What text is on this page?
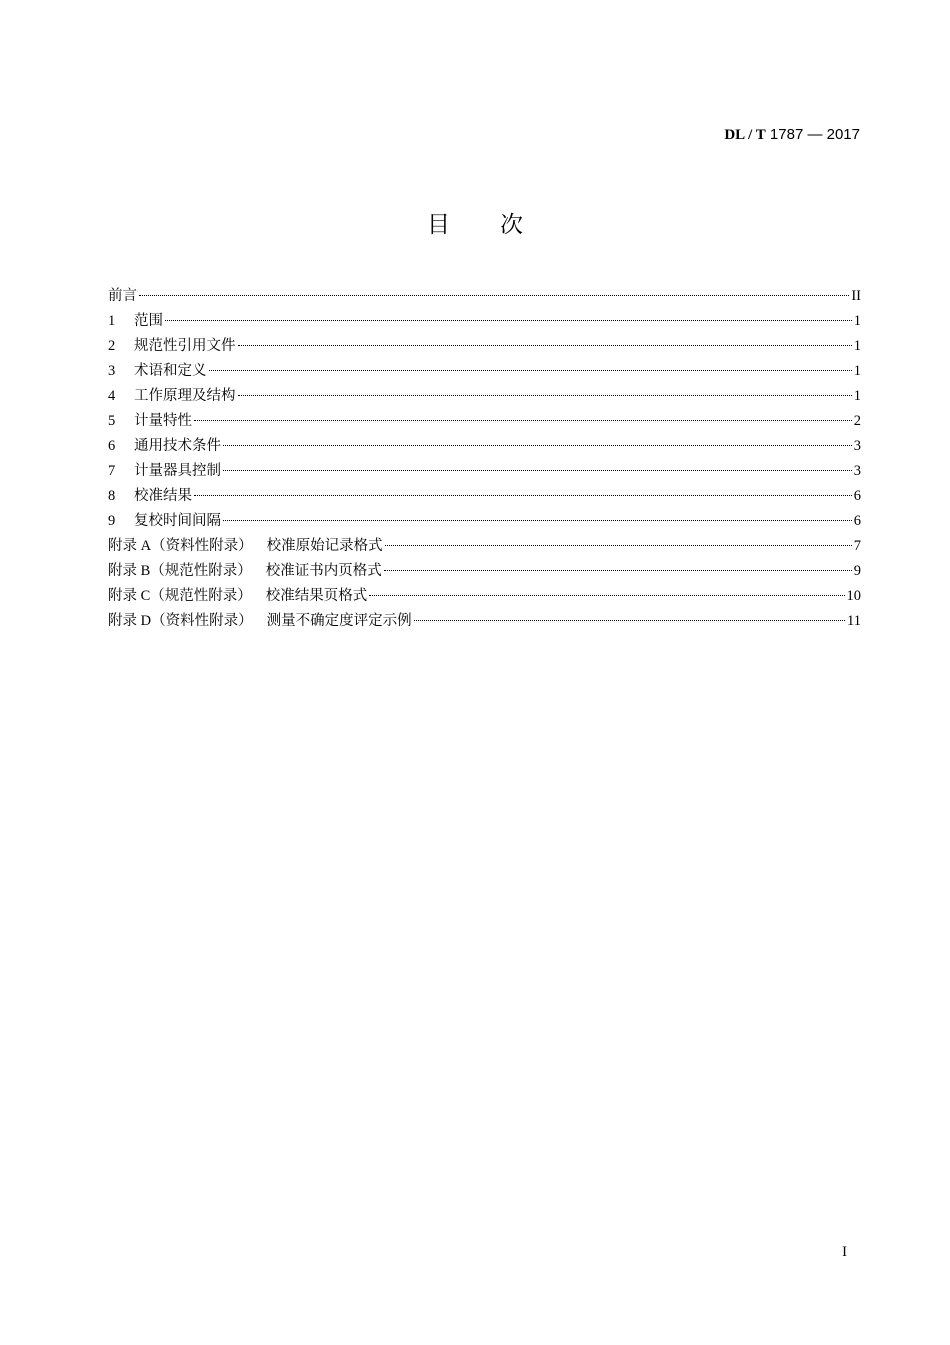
DL / T 1787 — 2017
目次
前言	II
1	范围	1
2	规范性引用文件	1
3	术语和定义	1
4	工作原理及结构	1
5	计量特性	2
6	通用技术条件	3
7	计量器具控制	3
8	校准结果	6
9	复校时间间隔	6
附录 A（资料性附录） 校准原始记录格式	7
附录 B（规范性附录） 校准证书内页格式	9
附录 C（规范性附录） 校准结果页格式	10
附录 D（资料性附录） 测量不确定度评定示例	11
I
